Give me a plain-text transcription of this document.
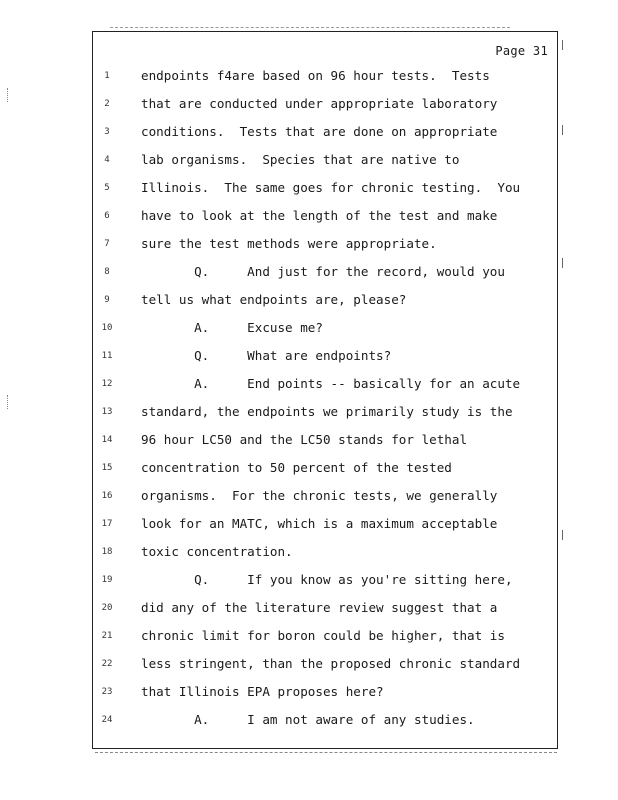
Page 31
1
2
3
4
5
6
7
8
9
10
11
12
13
14
15
16
17
18
19
20
21
22
23
24
endpoints f4are based on 96 hour tests.  Tests
that are conducted under appropriate laboratory
conditions.  Tests that are done on appropriate
lab organisms.  Species that are native to
Illinois.  The same goes for chronic testing.  You
have to look at the length of the test and make
sure the test methods were appropriate.
Q.     And just for the record, would you
tell us what endpoints are, please?
A.     Excuse me?
Q.     What are endpoints?
A.     End points -- basically for an acute
standard, the endpoints we primarily study is the
96 hour LC50 and the LC50 stands for lethal
concentration to 50 percent of the tested
organisms.  For the chronic tests, we generally
look for an MATC, which is a maximum acceptable
toxic concentration.
Q.     If you know as you're sitting here,
did any of the literature review suggest that a
chronic limit for boron could be higher, that is
less stringent, than the proposed chronic standard
that Illinois EPA proposes here?
A.     I am not aware of any studies.
